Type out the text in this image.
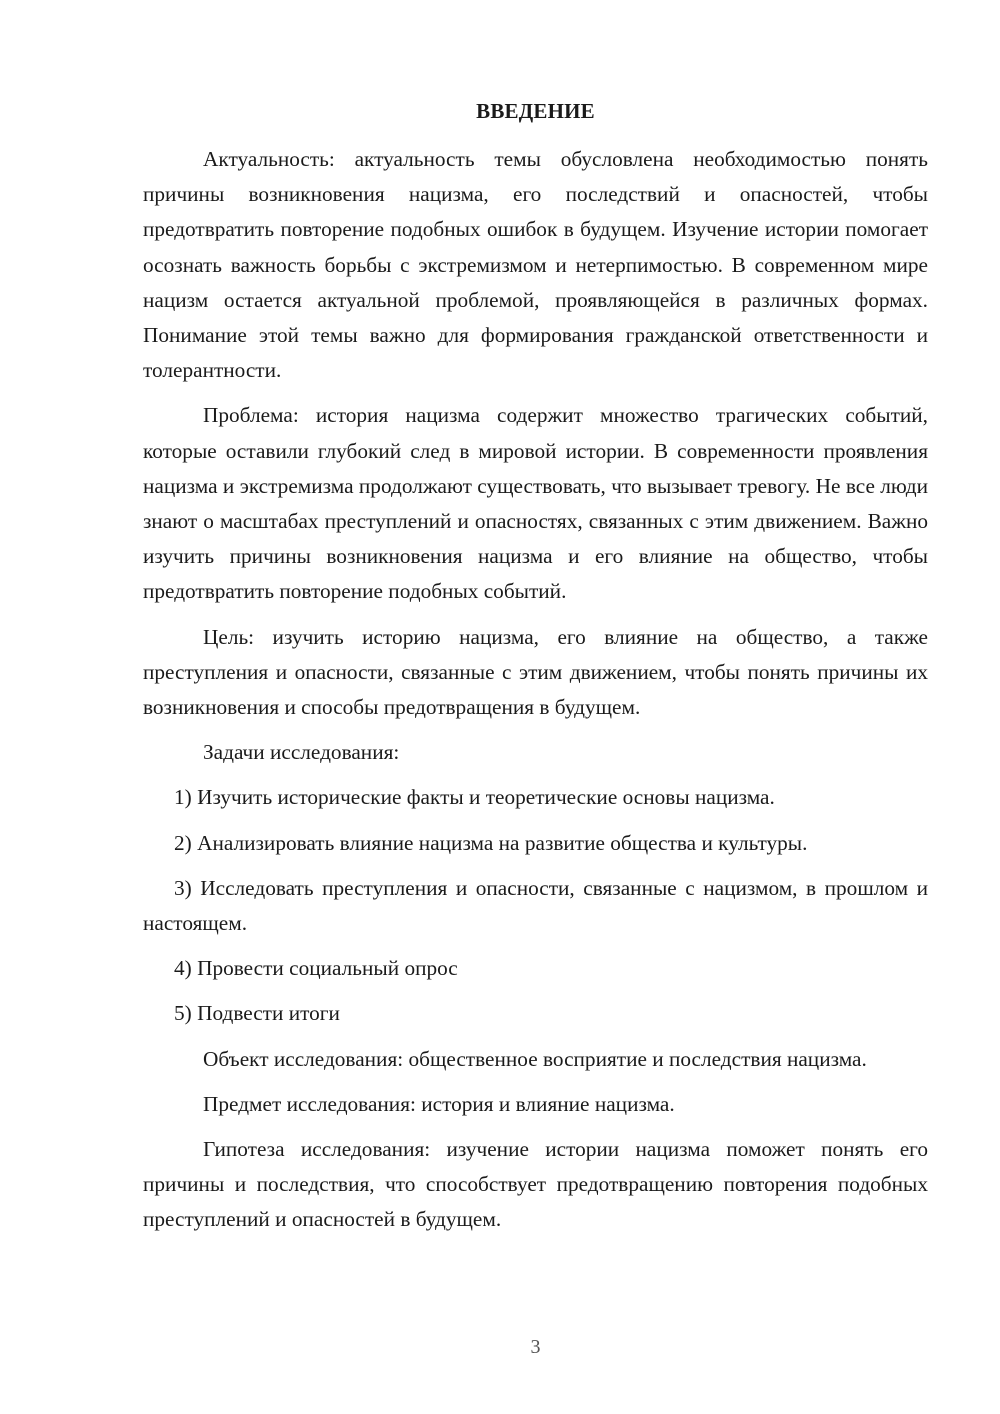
ВВЕДЕНИЕ

Актуальность: актуальность темы обусловлена необходимостью понять причины возникновения нацизма, его последствий и опасностей, чтобы предотвратить повторение подобных ошибок в будущем. Изучение истории помогает осознать важность борьбы с экстремизмом и нетерпимостью. В современном мире нацизм остается актуальной проблемой, проявляющейся в различных формах. Понимание этой темы важно для формирования гражданской ответственности и толерантности.

Проблема: история нацизма содержит множество трагических событий, которые оставили глубокий след в мировой истории. В современности проявления нацизма и экстремизма продолжают существовать, что вызывает тревогу. Не все люди знают о масштабах преступлений и опасностях, связанных с этим движением. Важно изучить причины возникновения нацизма и его влияние на общество, чтобы предотвратить повторение подобных событий.

Цель: изучить историю нацизма, его влияние на общество, а также преступления и опасности, связанные с этим движением, чтобы понять причины их возникновения и способы предотвращения в будущем.

Задачи исследования:

1) Изучить исторические факты и теоретические основы нацизма.

2) Анализировать влияние нацизма на развитие общества и культуры.

3) Исследовать преступления и опасности, связанные с нацизмом, в прошлом и настоящем.

4) Провести социальный опрос

5) Подвести итоги

Объект исследования: общественное восприятие и последствия нацизма.

Предмет исследования: история и влияние нацизма.

Гипотеза исследования: изучение истории нацизма поможет понять его причины и последствия, что способствует предотвращению повторения подобных преступлений и опасностей в будущем.

3
